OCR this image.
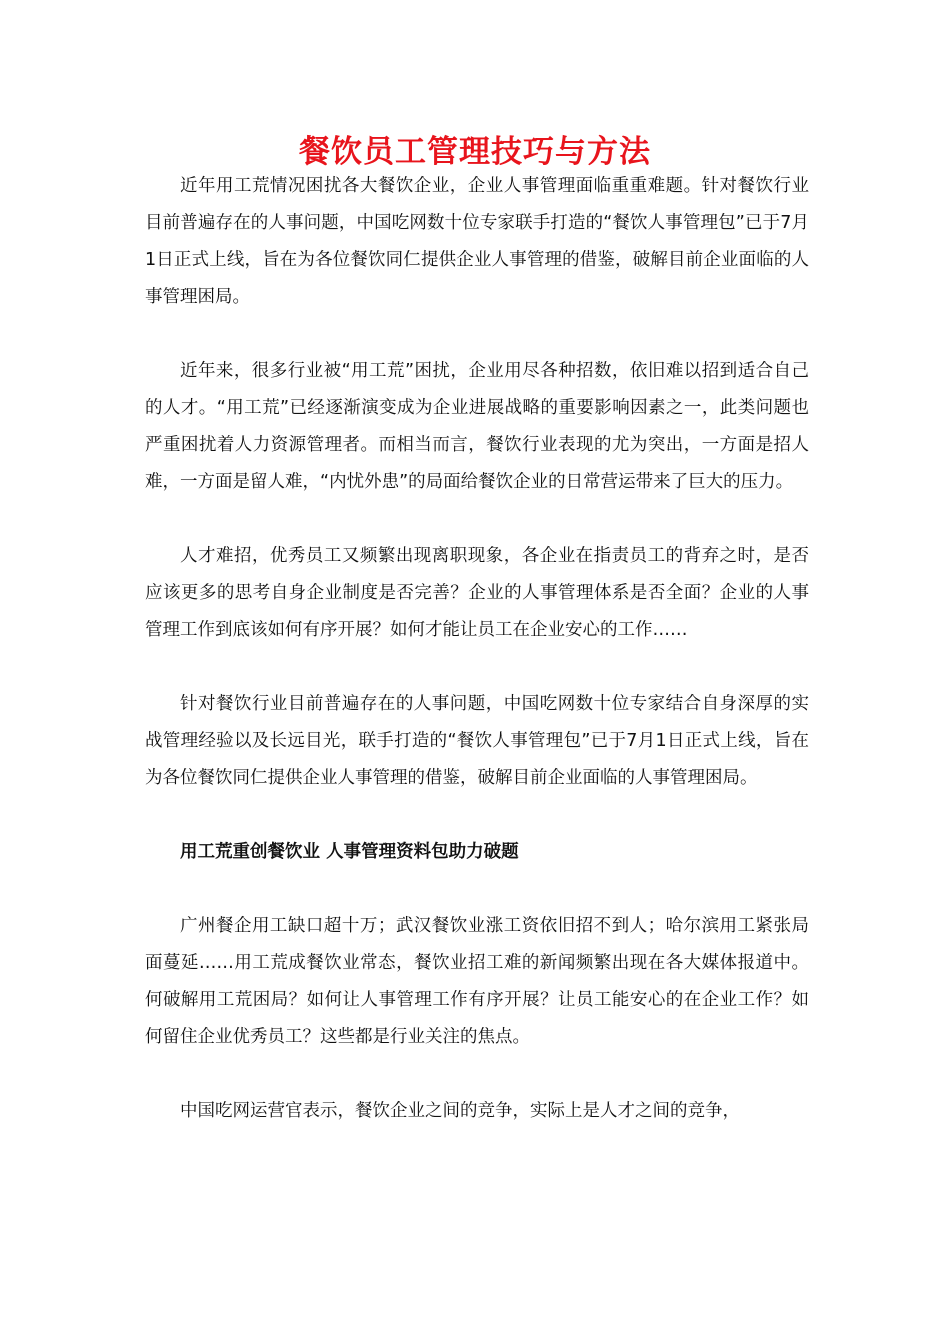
餐饮员工管理技巧与方法

近年用工荒情况困扰各大餐饮企业，企业人事管理面临重重难题。针对餐饮行业目前普遍存在的人事问题，中国吃网数十位专家联手打造的“餐饮人事管理包”已于7月1日正式上线，旨在为各位餐饮同仁提供企业人事管理的借鉴，破解目前企业面临的人事管理困局。

近年来，很多行业被“用工荒”困扰，企业用尽各种招数，依旧难以招到适合自己的人才。“用工荒”已经逐渐演变成为企业进展战略的重要影响因素之一，此类问题也严重困扰着人力资源管理者。而相当而言，餐饮行业表现的尤为突出，一方面是招人难，一方面是留人难，“内忧外患”的局面给餐饮企业的日常营运带来了巨大的压力。

人才难招，优秀员工又频繁出现离职现象，各企业在指责员工的背弃之时，是否应该更多的思考自身企业制度是否完善？企业的人事管理体系是否全面？企业的人事管理工作到底该如何有序开展？如何才能让员工在企业安心的工作……

针对餐饮行业目前普遍存在的人事问题，中国吃网数十位专家结合自身深厚的实战管理经验以及长远目光，联手打造的“餐饮人事管理包”已于7月1日正式上线，旨在为各位餐饮同仁提供企业人事管理的借鉴，破解目前企业面临的人事管理困局。

用工荒重创餐饮业 人事管理资料包助力破题

广州餐企用工缺口超十万；武汉餐饮业涨工资依旧招不到人；哈尔滨用工紧张局面蔓延……用工荒成餐饮业常态，餐饮业招工难的新闻频繁出现在各大媒体报道中。何破解用工荒困局？如何让人事管理工作有序开展？让员工能安心的在企业工作？如何留住企业优秀员工？这些都是行业关注的焦点。

中国吃网运营官表示，餐饮企业之间的竞争，实际上是人才之间的竞争，
